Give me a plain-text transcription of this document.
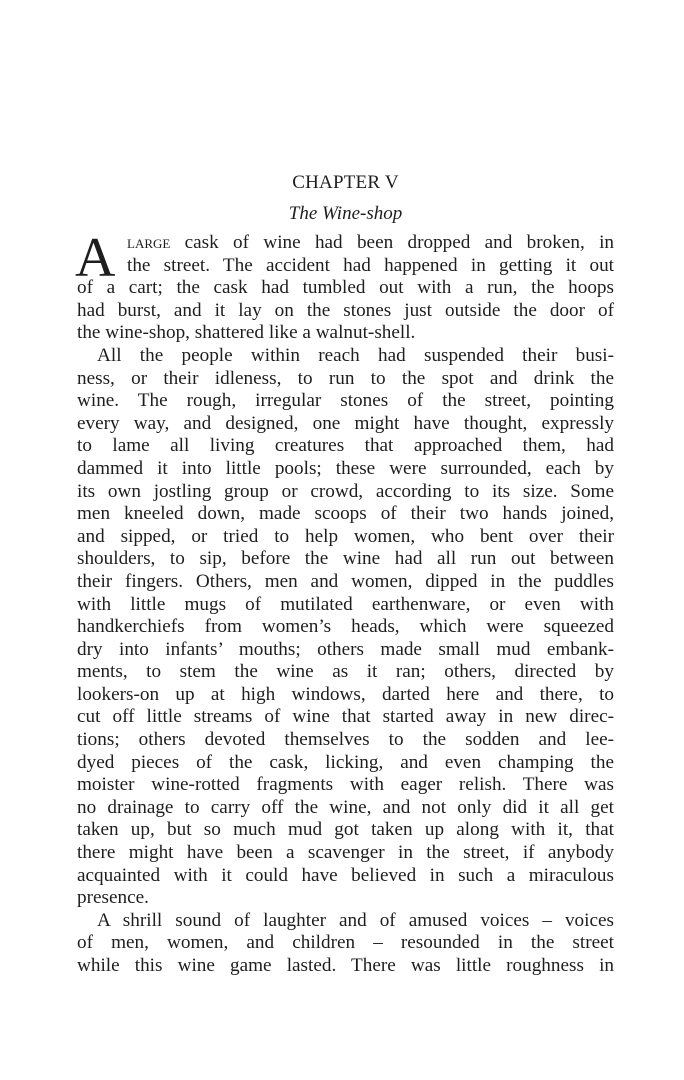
CHAPTER V
The Wine-shop
A large cask of wine had been dropped and broken, in
the street. The accident had happened in getting it out
of a cart; the cask had tumbled out with a run, the hoops
had burst, and it lay on the stones just outside the door of
the wine-shop, shattered like a walnut-shell.
All the people within reach had suspended their busi-
ness, or their idleness, to run to the spot and drink the
wine. The rough, irregular stones of the street, pointing
every way, and designed, one might have thought, expressly
to lame all living creatures that approached them, had
dammed it into little pools; these were surrounded, each by
its own jostling group or crowd, according to its size. Some
men kneeled down, made scoops of their two hands joined,
and sipped, or tried to help women, who bent over their
shoulders, to sip, before the wine had all run out between
their fingers. Others, men and women, dipped in the puddles
with little mugs of mutilated earthenware, or even with
handkerchiefs from women’s heads, which were squeezed
dry into infants’ mouths; others made small mud embank-
ments, to stem the wine as it ran; others, directed by
lookers-on up at high windows, darted here and there, to
cut off little streams of wine that started away in new direc-
tions; others devoted themselves to the sodden and lee-
dyed pieces of the cask, licking, and even champing the
moister wine-rotted fragments with eager relish. There was
no drainage to carry off the wine, and not only did it all get
taken up, but so much mud got taken up along with it, that
there might have been a scavenger in the street, if anybody
acquainted with it could have believed in such a miraculous
presence.
A shrill sound of laughter and of amused voices – voices
of men, women, and children – resounded in the street
while this wine game lasted. There was little roughness in
